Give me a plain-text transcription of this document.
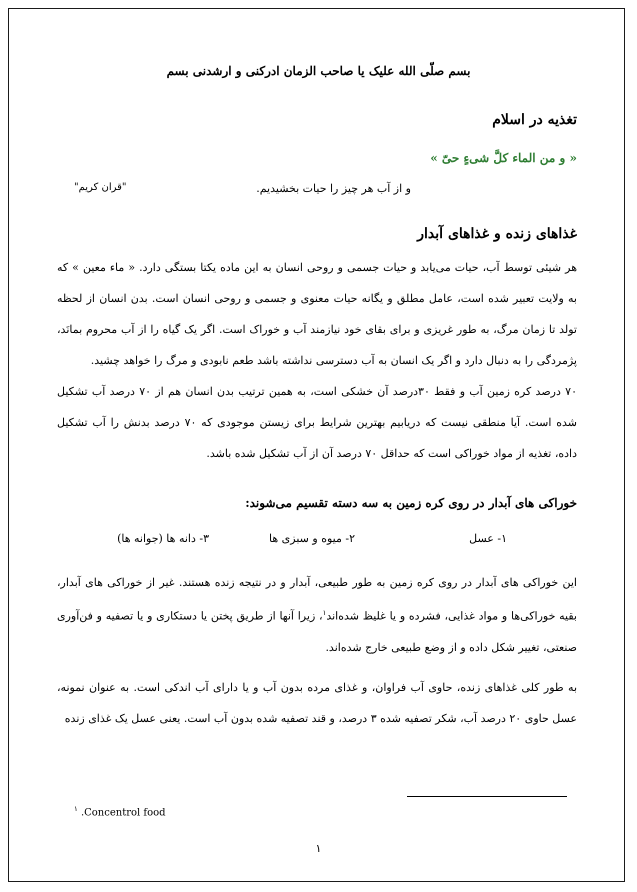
بسم صلّی الله علیک یا صاحب الزمان ادرکنی و ارشدنی بسم
تغذیه در اسلام
« و من الماء کلَّ شیءٍ حیّ »
و از آب هر چیز را حیات بخشیدیم.
"قران کریم"
غذاهای زنده و غذاهای آبدار
هر شیئی توسط آب، حیات می‌یابد و حیات جسمی و روحی انسان به این ماده یکتا بستگی دارد. « ماء معین » که به ولایت تعبیر شده است، عامل مطلق و یگانه حیات معنوی و جسمی و روحی انسان است. بدن انسان از لحظه تولد تا زمان مرگ، به طور غریزی و برای بقای خود نیازمند آب و خوراک است. اگر یک گیاه را از آب محروم بمانَد، پژمردگی را به دنبال دارد و اگر یک انسان به آب دسترسی نداشته باشد طعم نابودی و مرگ را خواهد چشید.
۷۰ درصد کره زمین آب و فقط ۳۰درصد آن خشکی است، به همین ترتیب بدن انسان هم از ۷۰ درصد آب تشکیل شده است. آیا منطقی نیست که دریابیم بهترین شرایط برای زیستن موجودی که ۷۰ درصد بدنش را آب تشکیل داده، تغذیه از مواد خوراکی است که حداقل ۷۰ درصد آن از آب تشکیل شده باشد.
خوراکی های آبدار در روی کره زمین به سه دسته تقسیم می‌شوند:
۱- عسل
۲- میوه و سبزی ها
۳- دانه ها (جوانه ها)
این خوراکی های آبدار در روی کره زمین به طور طبیعی، آبدار و در نتیجه زنده هستند. غیر از خوراکی های آبدار، بقیه خوراکی‌ها و مواد غذایی، فشرده و یا غلیظ شده‌اند$^۱$، زیرا آنها از طریق پختن یا دستکاری و یا تصفیه و فن‌آوری صنعتی، تغییر شکل داده و از وضع طبیعی خارج شده‌اند.
به طور کلی غذاهای زنده، حاوی آب فراوان، و غذای مرده بدون آب و یا دارای آب اندکی است. به عنوان نمونه، عسل حاوی ۲۰ درصد آب، شکر تصفیه شده ۳ درصد، و قند تصفیه شده بدون آب است. یعنی عسل یک غذای زنده
$^۱$ .Concentrol food
۱
